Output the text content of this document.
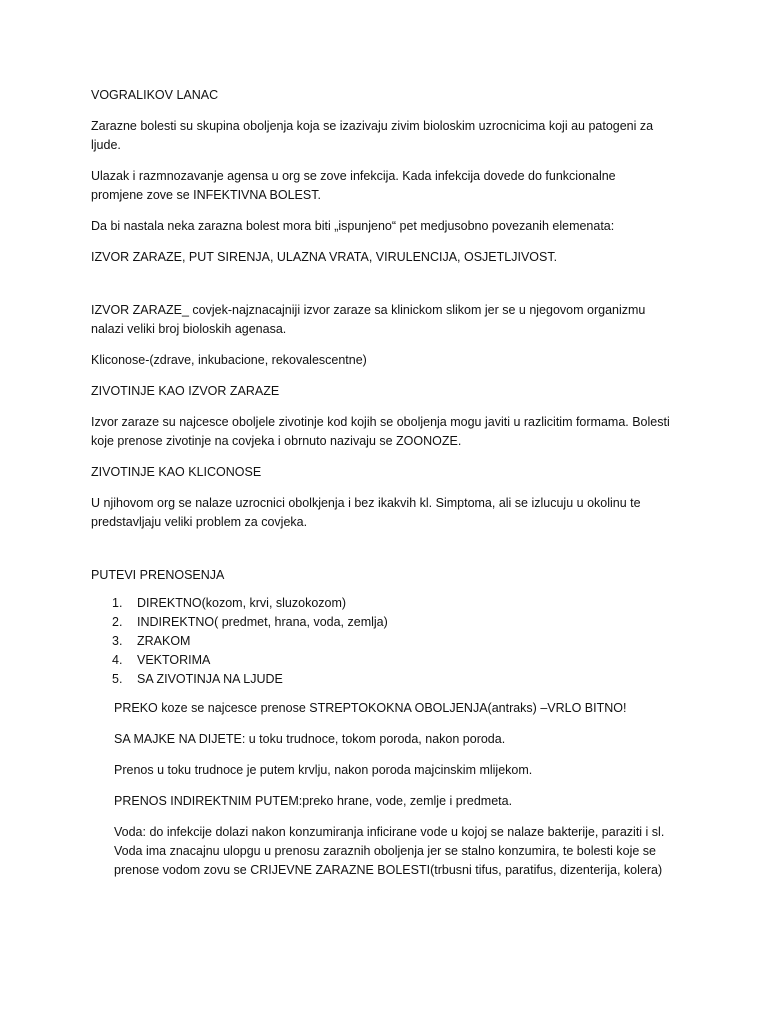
VOGRALIKOV LANAC

Zarazne bolesti su skupina oboljenja koja se izazivaju zivim bioloskim uzrocnicima koji au patogeni za ljude.

Ulazak i razmnozavanje agensa u org se zove infekcija. Kada infekcija dovede do funkcionalne promjene zove se INFEKTIVNA BOLEST.

Da bi nastala neka zarazna bolest mora biti „ispunjeno“ pet medjusobno povezanih elemenata:

IZVOR ZARAZE, PUT SIRENJA, ULAZNA VRATA, VIRULENCIJA, OSJETLJIVOST.

IZVOR ZARAZE_ covjek-najznacajniji izvor zaraze sa klinickom slikom jer se u njegovom organizmu nalazi veliki broj bioloskih agenasa.

Kliconose-(zdrave, inkubacione, rekovalescentne)

ZIVOTINJE KAO IZVOR ZARAZE

Izvor zaraze su najcesce oboljele zivotinje kod kojih se oboljenja mogu javiti u razlicitim formama. Bolesti koje prenose zivotinje na covjeka i obrnuto nazivaju se ZOONOZE.

ZIVOTINJE KAO KLICONOSE

U njihovom org se nalaze uzrocnici obolkjenja i bez ikakvih kl. Simptoma, ali se izlucuju u okolinu te predstavljaju veliki problem za covjeka.

PUTEVI PRENOSENJA

1.	DIREKTNO(kozom, krvi, sluzokozom)
2.	INDIREKTNO( predmet, hrana, voda, zemlja)
3.	ZRAKOM
4.	VEKTORIMA
5.	SA ZIVOTINJA NA LJUDE

PREKO koze se najcesce prenose STREPTOKOKNA OBOLJENJA(antraks) –VRLO BITNO!

SA MAJKE NA DIJETE: u toku trudnoce, tokom poroda, nakon poroda.

Prenos u toku trudnoce je putem krvlju, nakon poroda majcinskim mlijekom.

PRENOS INDIREKTNIM PUTEM:preko hrane, vode, zemlje i predmeta.

Voda: do infekcije dolazi nakon konzumiranja inficirane vode u kojoj se nalaze bakterije, paraziti i sl. Voda ima znacajnu ulopgu u prenosu zaraznih oboljenja jer se stalno konzumira, te bolesti koje se prenose vodom zovu se CRIJEVNE ZARAZNE BOLESTI(trbusni tifus, paratifus, dizenterija, kolera)
